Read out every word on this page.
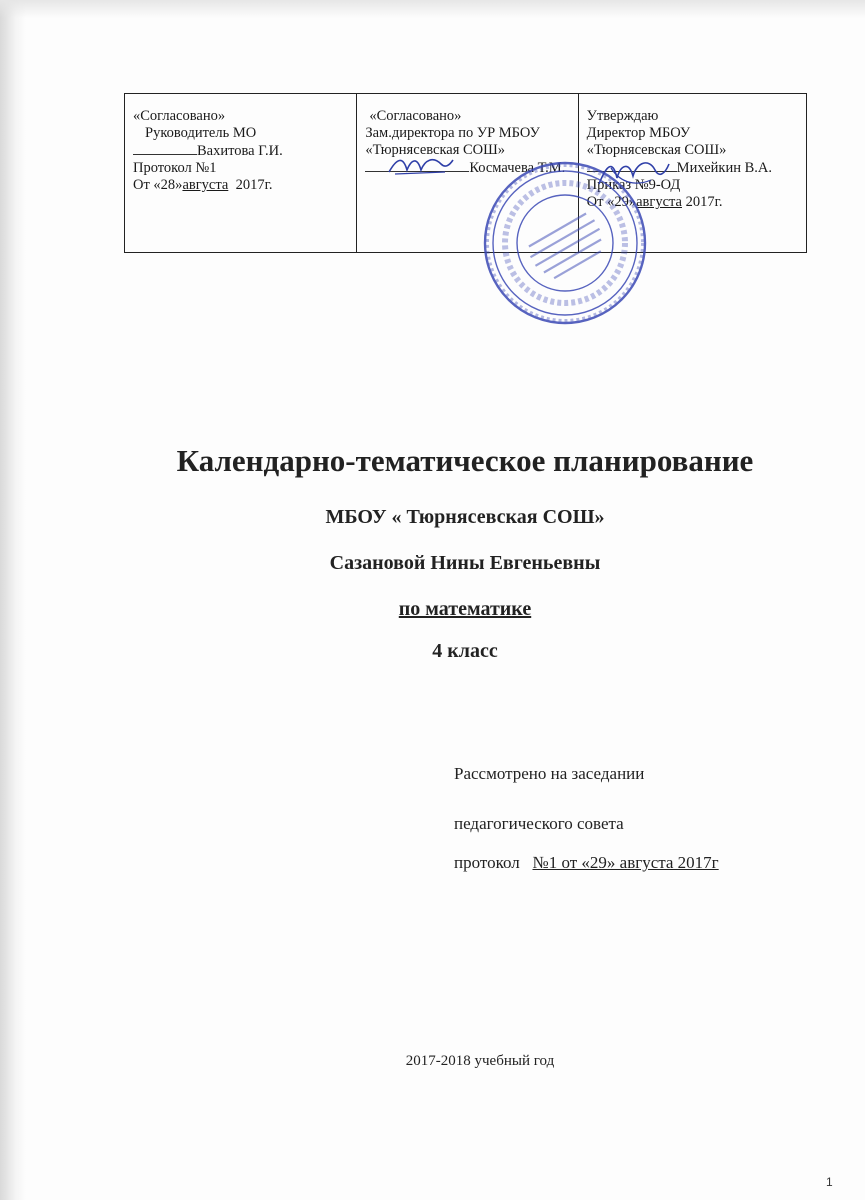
«Согласовано»
Руководитель МО
Вахитова Г.И.
Протокол №1
От «28»августа 2017г.
«Согласовано»
Зам.директора по УР МБОУ
«Тюрнясевская СОШ»
Космачева Т.М.
Утверждаю
Директор МБОУ
«Тюрнясевская СОШ»
Михейкин В.А.
Приказ №9-ОД
От «29»августа 2017г.
Календарно-тематическое планирование
МБОУ « Тюрнясевская СОШ»
Сазановой Нины Евгеньевны
по математике
4 класс
Рассмотрено на заседании
педагогического совета
протокол №1 от «29» августа 2017г
2017-2018 учебный год
1
